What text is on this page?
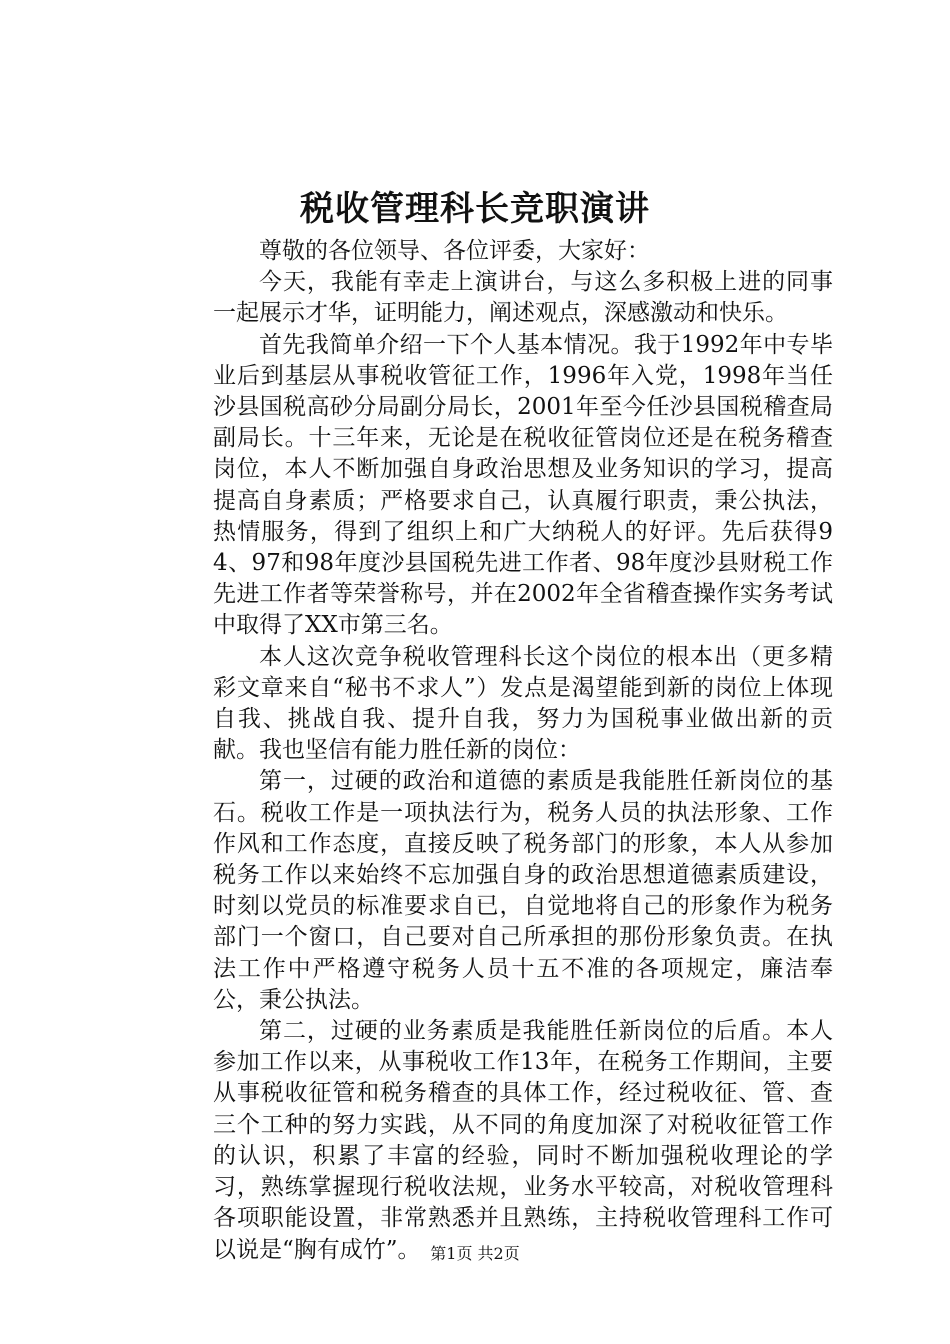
税收管理科长竞职演讲

尊敬的各位领导、各位评委，大家好：

今天，我能有幸走上演讲台，与这么多积极上进的同事一起展示才华，证明能力，阐述观点，深感激动和快乐。

首先我简单介绍一下个人基本情况。我于1992年中专毕业后到基层从事税收管征工作，1996年入党，1998年当任沙县国税高砂分局副分局长，2001年至今任沙县国税稽查局副局长。十三年来，无论是在税收征管岗位还是在税务稽查岗位，本人不断加强自身政治思想及业务知识的学习，提高提高自身素质；严格要求自己，认真履行职责，秉公执法，热情服务，得到了组织上和广大纳税人的好评。先后获得94、97和98年度沙县国税先进工作者、98年度沙县财税工作先进工作者等荣誉称号，并在2002年全省稽查操作实务考试中取得了XX市第三名。

本人这次竞争税收管理科长这个岗位的根本出（更多精彩文章来自“秘书不求人”）发点是渴望能到新的岗位上体现自我、挑战自我、提升自我，努力为国税事业做出新的贡献。我也坚信有能力胜任新的岗位：

第一，过硬的政治和道德的素质是我能胜任新岗位的基石。税收工作是一项执法行为，税务人员的执法形象、工作作风和工作态度，直接反映了税务部门的形象，本人从参加税务工作以来始终不忘加强自身的政治思想道德素质建设，时刻以党员的标准要求自已，自觉地将自己的形象作为税务部门一个窗口，自己要对自己所承担的那份形象负责。在执法工作中严格遵守税务人员十五不准的各项规定，廉洁奉公，秉公执法。

第二，过硬的业务素质是我能胜任新岗位的后盾。本人参加工作以来，从事税收工作13年，在税务工作期间，主要从事税收征管和税务稽查的具体工作，经过税收征、管、查三个工种的努力实践，从不同的角度加深了对税收征管工作的认识，积累了丰富的经验，同时不断加强税收理论的学习，熟练掌握现行税收法规，业务水平较高，对税收管理科各项职能设置，非常熟悉并且熟练，主持税收管理科工作可以说是“胸有成竹”。 第1页 共2页
